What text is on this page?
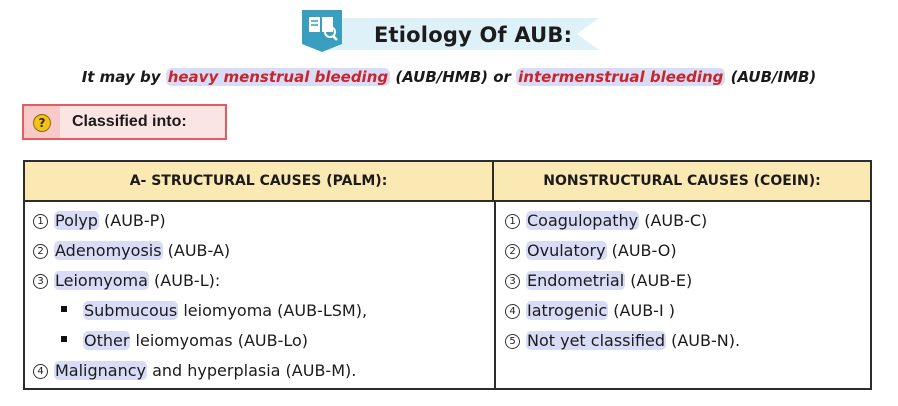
Etiology Of AUB:
It may by heavy menstrual bleeding (AUB/HMB) or intermenstrual bleeding (AUB/IMB)
?	Classified into:
A- STRUCTURAL CAUSES (PALM):	NONSTRUCTURAL CAUSES (COEIN):
1 Polyp (AUB-P)
2 Adenomyosis (AUB-A)
3 Leiomyoma (AUB-L):
Submucous leiomyoma (AUB-LSM),
Other leiomyomas (AUB-Lo)
4 Malignancy and hyperplasia (AUB-M).
1 Coagulopathy (AUB-C)
2 Ovulatory (AUB-O)
3 Endometrial (AUB-E)
4 Iatrogenic (AUB-I )
5 Not yet classified (AUB-N).
